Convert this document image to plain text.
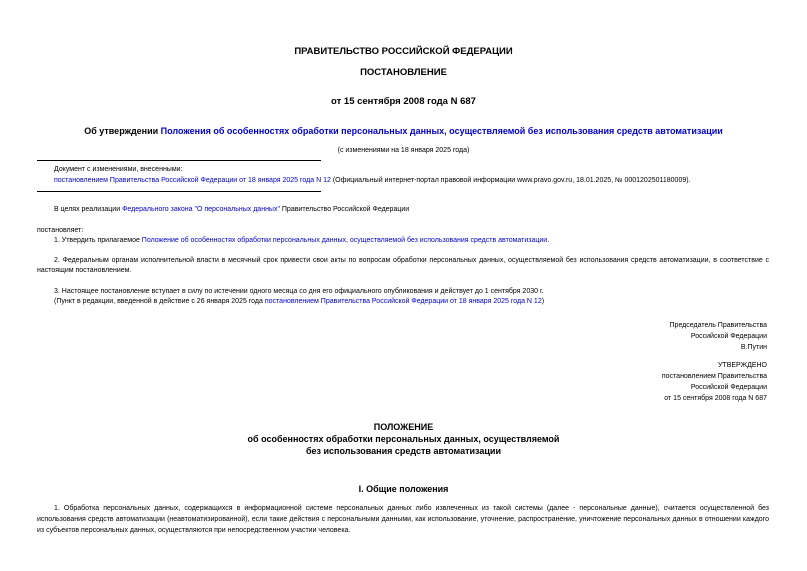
ПРАВИТЕЛЬСТВО РОССИЙСКОЙ ФЕДЕРАЦИИ
ПОСТАНОВЛЕНИЕ
от 15 сентября 2008 года N 687
Об утверждении Положения об особенностях обработки персональных данных, осуществляемой без использования средств автоматизации
(с изменениями на 18 января 2025 года)
Документ с изменениями, внесенными:
постановлением Правительства Российской Федерации от 18 января 2025 года N 12 (Официальный интернет-портал правовой информации www.pravo.gov.ru, 18.01.2025, № 0001202501180009).
В целях реализации Федерального закона "О персональных данных" Правительство Российской Федерации
постановляет:
1. Утвердить прилагаемое Положение об особенностях обработки персональных данных, осуществляемой без использования средств автоматизации.
2. Федеральным органам исполнительной власти в месячный срок привести свои акты по вопросам обработки персональных данных, осуществляемой без использования средств автоматизации, в соответствие с настоящим постановлением.
3. Настоящее постановление вступает в силу по истечении одного месяца со дня его официального опубликования и действует до 1 сентября 2030 г.
(Пункт в редакции, введенной в действие с 26 января 2025 года постановлением Правительства Российской Федерации от 18 января 2025 года N 12)
Председатель Правительства
Российской Федерации
В.Путин
УТВЕРЖДЕНО
постановлением Правительства
Российской Федерации
от 15 сентября 2008 года N 687
ПОЛОЖЕНИЕ
об особенностях обработки персональных данных, осуществляемой
без использования средств автоматизации
I. Общие положения
1. Обработка персональных данных, содержащихся в информационной системе персональных данных либо извлеченных из такой системы (далее - персональные данные), считается осуществленной без использования средств автоматизации (неавтоматизированной), если такие действия с персональными данными, как использование, уточнение, распространение, уничтожение персональных данных в отношении каждого из субъектов персональных данных, осуществляются при непосредственном участии человека.
